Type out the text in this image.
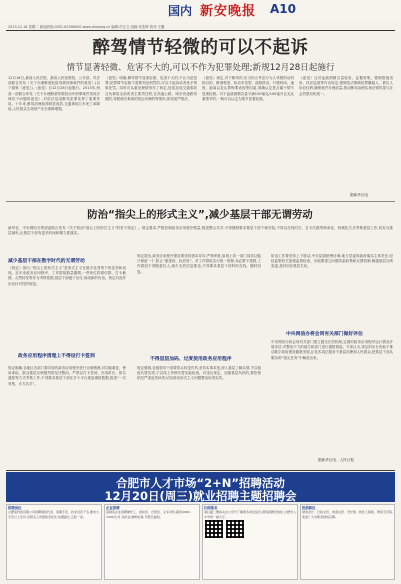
国内 新安晚报 A10
2023.12.18 星期二 新闻热线:0551-62396000 www.ahwang.cn 编辑:许正文 组版:朱浩辉 校对:王璐
醉驾情节轻微的可以不起诉
情节显著轻微、危害不大的,可以不作为犯罪处理;新规12月28日起施行
12月18日,最高人民法院、最高人民检察院、公安部、司法部联合发布《关于办理醉酒危险驾驶刑事案件的意见》(以下简称《意见》),《意见》自12月28日起施行。2013年,两高一部联合印发《关于办理醉酒驾驶机动车刑事案件适用法律若干问题的意见》,对依法惩治醉驾犯罪发挥了重要作用。十年来,醉驾治理取得明显成效,交通事故万车死亡率降低,人民群众生命财产安全保障增强。
《意见》明确,醉驾情节显著轻微、危害不大的,不认为是犯罪;犯罪情节轻微不需要判处刑罚的,可以不起诉或者免予刑事处罚。同时对从重处理情形作了规定,包括造成交通事故且负事故全部或者主要责任的,在高速公路、城市快速路驾驶的,驾驶载有乘客的营运车辆的等情形,体现宽严相济。
《意见》规定,对于醉驾的,应当综合考虑行为人驾驶的动机和目的、醉酒程度、机动车类型、道路情况、行驶时间、速度、距离以及认罪悔罪表现等因素,准确认定是否属于情节显著轻微。对于血液酒精含量不满150毫克/100毫升且无从重情节的,一般可以认定为情节显著轻微。
《意见》还对血液酒精含量检验、证据收集、强制措施适用、执法监督等作出规定,强调依法保障犯罪嫌疑人、被告人诉讼权利,确保案件办理质量,推动醉驾治理实现法律效果与社会效果有机统一。
据新华社电
防治“指尖上的形式主义”,减少基层干部无谓劳动
新华社、中央网信办等部委联合发布《关于防治“指尖上的形式主义”的若干规定》。规定要求,严格控制政务应用程序数量,推进整合共享,不得强制要求基层干部下载安装,不得以在线时长、打卡次数等简单化、机械化方式考核基层工作,切实为基层减负,让基层干部有更多时间和精力抓落实。
减少基层干部在数字时代的无谓劳动
《规定》指出,“指尖上的形式主义”是形式主义在数字化背景下的变异和表现。近年来政务应用程序、工作群组数量激增,一些单位将微信群、打卡截图、点赞转发等作为考核依据,基层干部疲于应付,形成新的负担。规定对此作出有针对性的规范。
政务应用程序清理上不得设打卡签到
规定明确,各地区各部门要对现有政务应用程序进行全面梳理,对功能重复、使用率低、群众基层反映强烈的坚决整治。严禁以打卡签到、在线时长、排名通报等方式考核工作,不得要求基层干部在多个平台重复填报数据,推进“一次采集、多方共享”。
规定提出,政务应用程序建设要坚持需求导向,严格审批,原则上同一部门同类功能只保留一个,防止“重建设、轻应用”。对工作群组实行统一管理,非必要不建群,工作群组不得随意拉人,减少无效信息推送,不得要求基层干部时时在线、随时回复。
不得层层加码、过度使用政务应用程序
规定强调,各级领导干部要带头转变作风,坚持实事求是,深入基层了解实情,不以留痕代替实绩,不以线上考核代替实地检查。对违反规定、加重基层负担的,要依规依纪严肃追责问责,切实推动形式主义问题整治取得实效。
防治工作要坚持上下联动,中央层面统筹协调,地方党委和政府落实主体责任,纪检监察机关加强监督检查。各地要建立问题线索收集和反馈机制,畅通基层反映渠道,及时回应基层关切。
中央网信办将会同有关部门做好评估
中央网信办将会同有关部门建立健全长效机制,定期对政务应用程序运行情况开展评估,对整治不力的地方和部门进行通报督促。专家认为,规定的出台有助于推动数字政府建设健康发展,让技术真正服务于基层治理和人民群众,把基层干部从繁杂的“指尖任务”中解放出来。
据新华社电、人民日报
合肥市人才市场“2+N”招聘活动
12月20日(周三)就业招聘主题招聘会
招聘岗位
合肥某科技有限公司招聘销售代表、客服专员、技术员若干名,要求大专及以上学历,有相关工作经验者优先,待遇面议,五险一金。
企业招聘
某制造企业招聘操作工、质检员、仓管员、叉车司机,薪资4000-7000元/月,包吃住,缴纳社保,节假日福利。
扫码报名
请扫描二维码关注公众号了解更多岗位信息,现场招聘会地址:合肥市人才市场一楼大厅。

热招职位
财务会计、行政文员、电商运营、设计师、软件工程师、物流专员等,欢迎广大求职者到场应聘。
